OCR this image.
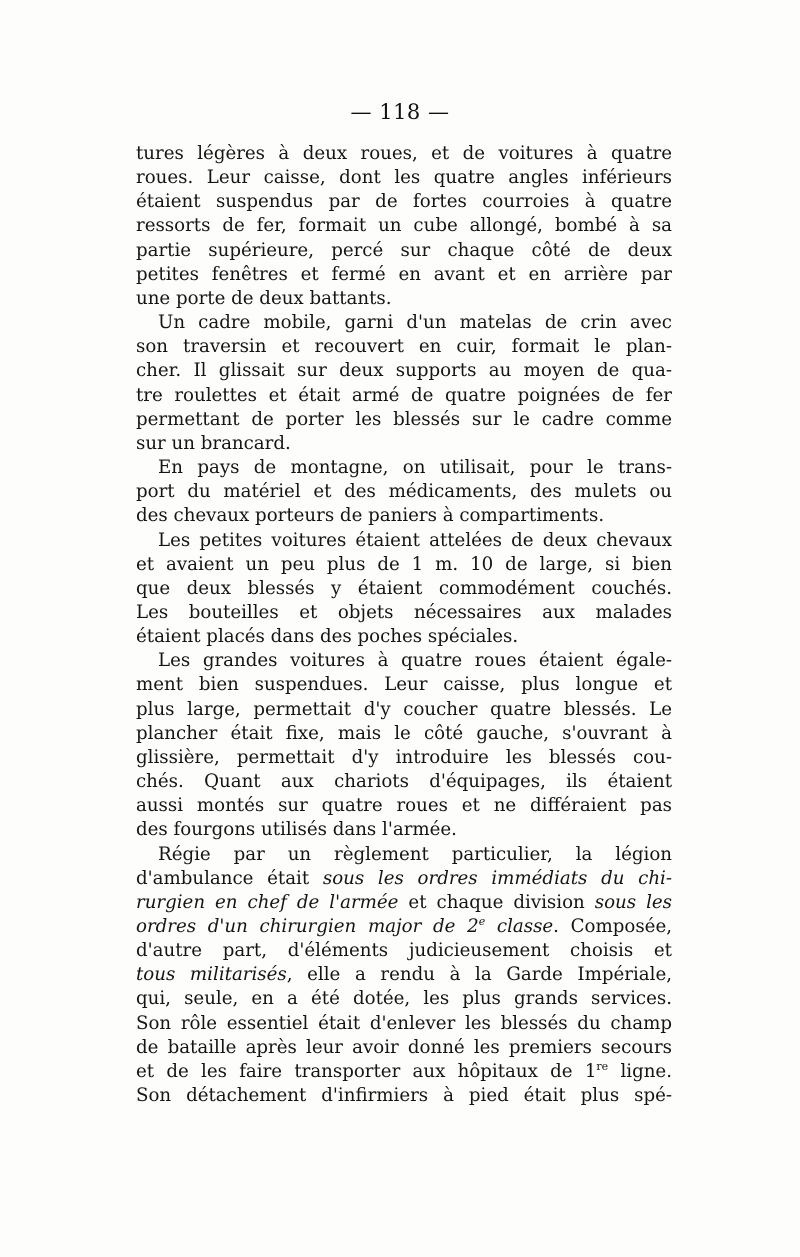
— 118 —
tures légères à deux roues, et de voitures à quatre
roues. Leur caisse, dont les quatre angles inférieurs
étaient suspendus par de fortes courroies à quatre
ressorts de fer, formait un cube allongé, bombé à sa
partie supérieure, percé sur chaque côté de deux
petites fenêtres et fermé en avant et en arrière par
une porte de deux battants.
Un cadre mobile, garni d'un matelas de crin avec
son traversin et recouvert en cuir, formait le plan-
cher. Il glissait sur deux supports au moyen de qua-
tre roulettes et était armé de quatre poignées de fer
permettant de porter les blessés sur le cadre comme
sur un brancard.
En pays de montagne, on utilisait, pour le trans-
port du matériel et des médicaments, des mulets ou
des chevaux porteurs de paniers à compartiments.
Les petites voitures étaient attelées de deux chevaux
et avaient un peu plus de 1 m. 10 de large, si bien
que deux blessés y étaient commodément couchés.
Les bouteilles et objets nécessaires aux malades
étaient placés dans des poches spéciales.
Les grandes voitures à quatre roues étaient égale-
ment bien suspendues. Leur caisse, plus longue et
plus large, permettait d'y coucher quatre blessés. Le
plancher était fixe, mais le côté gauche, s'ouvrant à
glissière, permettait d'y introduire les blessés cou-
chés. Quant aux chariots d'équipages, ils étaient
aussi montés sur quatre roues et ne différaient pas
des fourgons utilisés dans l'armée.
Régie par un règlement particulier, la légion
d'ambulance était sous les ordres immédiats du chi-
rurgien en chef de l'armée et chaque division sous les
ordres d'un chirurgien major de 2e classe. Composée,
d'autre part, d'éléments judicieusement choisis et
tous militarisés, elle a rendu à la Garde Impériale,
qui, seule, en a été dotée, les plus grands services.
Son rôle essentiel était d'enlever les blessés du champ
de bataille après leur avoir donné les premiers secours
et de les faire transporter aux hôpitaux de 1re ligne.
Son détachement d'infirmiers à pied était plus spé-
